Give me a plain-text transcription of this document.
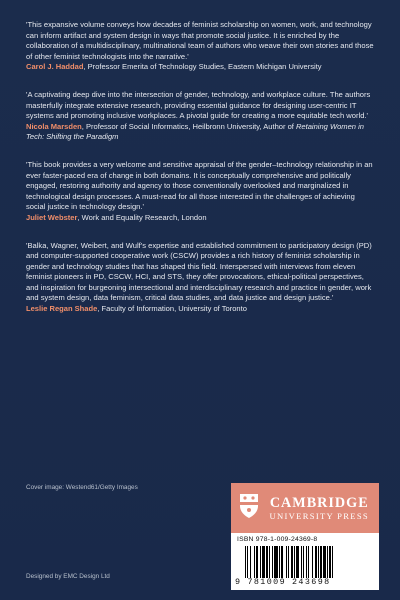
'This expansive volume conveys how decades of feminist scholarship on women, work, and technology can inform artifact and system design in ways that promote social justice. It is enriched by the collaboration of a multidisciplinary, multinational team of authors who weave their own stories and those of other feminist technologists into the narrative.'

Carol J. Haddad, Professor Emerita of Technology Studies, Eastern Michigan University

'A captivating deep dive into the intersection of gender, technology, and workplace culture. The authors masterfully integrate extensive research, providing essential guidance for designing user-centric IT systems and promoting inclusive workplaces. A pivotal guide for creating a more equitable tech world.'

Nicola Marsden, Professor of Social Informatics, Heilbronn University, Author of Retaining Women in Tech: Shifting the Paradigm

'This book provides a very welcome and sensitive appraisal of the gender–technology relationship in an ever faster-paced era of change in both domains. It is conceptually comprehensive and politically engaged, restoring authority and agency to those conventionally overlooked and marginalized in technological design processes. A must-read for all those interested in the challenges of achieving social justice in technology design.'

Juliet Webster, Work and Equality Research, London

'Balka, Wagner, Weibert, and Wulf's expertise and established commitment to participatory design (PD) and computer-supported cooperative work (CSCW) provides a rich history of feminist scholarship in gender and technology studies that has shaped this field. Interspersed with interviews from eleven feminist pioneers in PD, CSCW, HCI, and STS, they offer provocations, ethical-political perspectives, and inspiration for burgeoning intersectional and interdisciplinary research and practice in gender, work and system design, data feminism, critical data studies, and data justice and design justice.'

Leslie Regan Shade, Faculty of Information, University of Toronto

Cover image: Westend61/Getty Images
Designed by EMC Design Ltd
CAMBRIDGE
UNIVERSITY PRESS
ISBN 978-1-009-24369-8
9 781009 243698
